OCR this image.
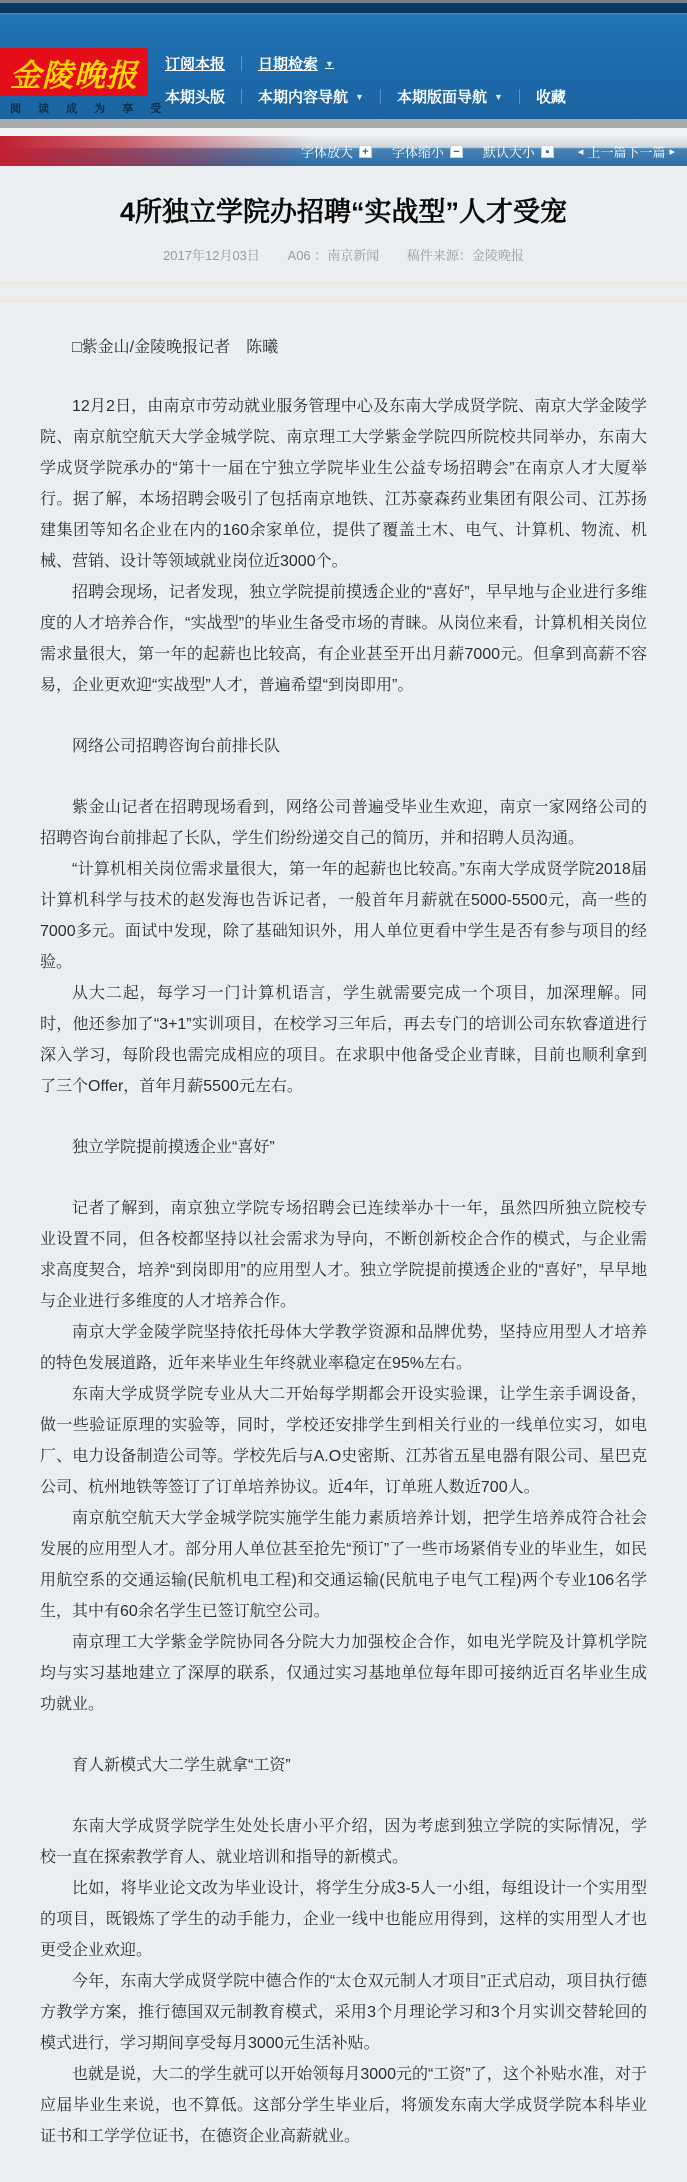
金陵晚报
阅 读 成 为 享 受
订阅本报 日期检索 ▼
本期头版 本期内容导航 ▼ 本期版面导航 ▼ 收藏
字体放大 + 字体缩小 − 默认大小 ▪	◂ 上一篇下一篇 ▸
4所独立学院办招聘“实战型”人才受宠
2017年12月03日 A06 ：南京新闻 稿件来源：金陵晚报

□紫金山/金陵晚报记者　陈曦

12月2日，由南京市劳动就业服务管理中心及东南大学成贤学院、南京大学金陵学院、南京航空航天大学金城学院、南京理工大学紫金学院四所院校共同举办，东南大学成贤学院承办的“第十一届在宁独立学院毕业生公益专场招聘会”在南京人才大厦举行。据了解，本场招聘会吸引了包括南京地铁、江苏豪森药业集团有限公司、江苏扬建集团等知名企业在内的160余家单位，提供了覆盖土木、电气、计算机、物流、机械、营销、设计等领域就业岗位近3000个。

招聘会现场，记者发现，独立学院提前摸透企业的“喜好”，早早地与企业进行多维度的人才培养合作，“实战型”的毕业生备受市场的青睐。从岗位来看，计算机相关岗位需求量很大，第一年的起薪也比较高，有企业甚至开出月薪7000元。但拿到高薪不容易，企业更欢迎“实战型”人才，普遍希望“到岗即用”。

网络公司招聘咨询台前排长队

紫金山记者在招聘现场看到，网络公司普遍受毕业生欢迎，南京一家网络公司的招聘咨询台前排起了长队，学生们纷纷递交自己的简历，并和招聘人员沟通。

“计算机相关岗位需求量很大，第一年的起薪也比较高。”东南大学成贤学院2018届计算机科学与技术的赵发海也告诉记者，一般首年月薪就在5000-5500元，高一些的7000多元。面试中发现，除了基础知识外，用人单位更看中学生是否有参与项目的经验。

从大二起，每学习一门计算机语言，学生就需要完成一个项目，加深理解。同时，他还参加了“3+1”实训项目，在校学习三年后，再去专门的培训公司东软睿道进行深入学习，每阶段也需完成相应的项目。在求职中他备受企业青睐，目前也顺利拿到了三个Offer，首年月薪5500元左右。

独立学院提前摸透企业“喜好”

记者了解到，南京独立学院专场招聘会已连续举办十一年，虽然四所独立院校专业设置不同，但各校都坚持以社会需求为导向，不断创新校企合作的模式，与企业需求高度契合，培养“到岗即用”的应用型人才。独立学院提前摸透企业的“喜好”，早早地与企业进行多维度的人才培养合作。

南京大学金陵学院坚持依托母体大学教学资源和品牌优势，坚持应用型人才培养的特色发展道路，近年来毕业生年终就业率稳定在95%左右。

东南大学成贤学院专业从大二开始每学期都会开设实验课，让学生亲手调设备，做一些验证原理的实验等，同时，学校还安排学生到相关行业的一线单位实习，如电厂、电力设备制造公司等。学校先后与A.O史密斯、江苏省五星电器有限公司、星巴克公司、杭州地铁等签订了订单培养协议。近4年，订单班人数近700人。

南京航空航天大学金城学院实施学生能力素质培养计划，把学生培养成符合社会发展的应用型人才。部分用人单位甚至抢先“预订”了一些市场紧俏专业的毕业生，如民用航空系的交通运输(民航机电工程)和交通运输(民航电子电气工程)两个专业106名学生，其中有60余名学生已签订航空公司。

南京理工大学紫金学院协同各分院大力加强校企合作，如电光学院及计算机学院均与实习基地建立了深厚的联系，仅通过实习基地单位每年即可接纳近百名毕业生成功就业。

育人新模式大二学生就拿“工资”

东南大学成贤学院学生处处长唐小平介绍，因为考虑到独立学院的实际情况，学校一直在探索教学育人、就业培训和指导的新模式。

比如，将毕业论文改为毕业设计，将学生分成3-5人一小组，每组设计一个实用型的项目，既锻炼了学生的动手能力，企业一线中也能应用得到，这样的实用型人才也更受企业欢迎。

今年，东南大学成贤学院中德合作的“太仓双元制人才项目”正式启动，项目执行德方教学方案，推行德国双元制教育模式，采用3个月理论学习和3个月实训交替轮回的模式进行，学习期间享受每月3000元生活补贴。

也就是说，大二的学生就可以开始领每月3000元的“工资”了，这个补贴水准，对于应届毕业生来说，也不算低。这部分学生毕业后，将颁发东南大学成贤学院本科毕业证书和工学学位证书，在德资企业高薪就业。
